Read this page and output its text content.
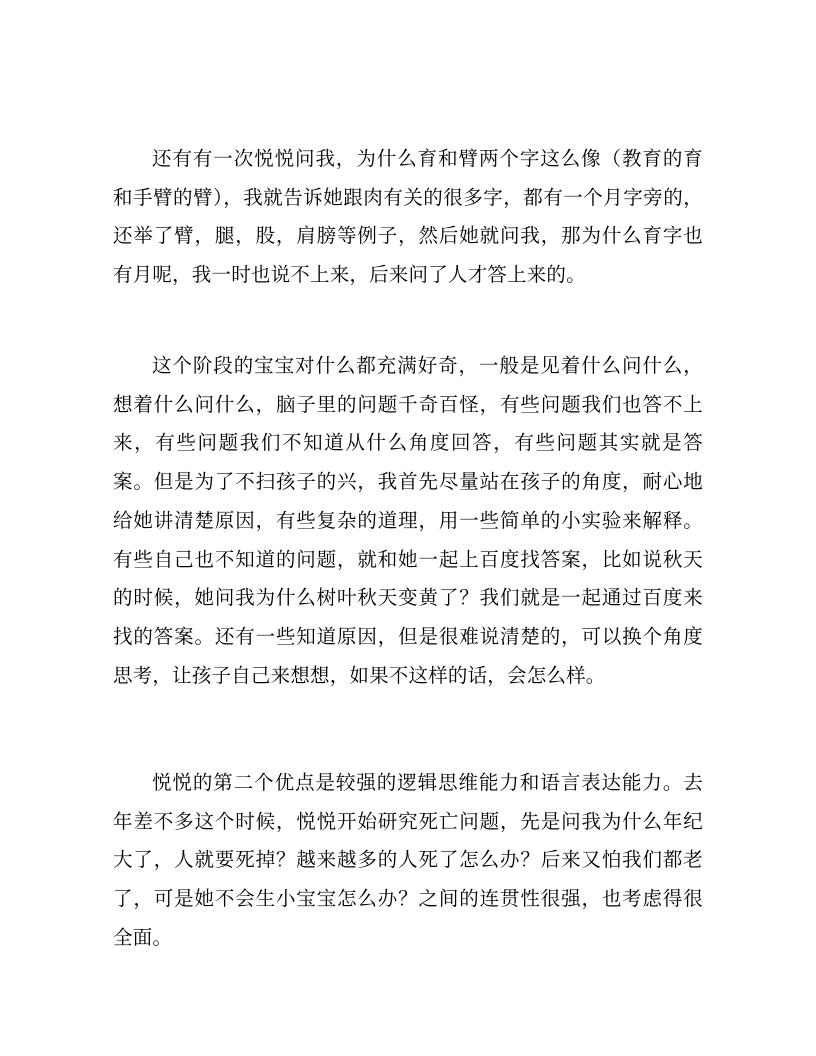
还有有一次悦悦问我，为什么育和臂两个字这么像（教育的育和手臂的臂），我就告诉她跟肉有关的很多字，都有一个月字旁的，还举了臂，腿，股，肩膀等例子，然后她就问我，那为什么育字也有月呢，我一时也说不上来，后来问了人才答上来的。

这个阶段的宝宝对什么都充满好奇，一般是见着什么问什么，想着什么问什么，脑子里的问题千奇百怪，有些问题我们也答不上来，有些问题我们不知道从什么角度回答，有些问题其实就是答案。但是为了不扫孩子的兴，我首先尽量站在孩子的角度，耐心地给她讲清楚原因，有些复杂的道理，用一些简单的小实验来解释。有些自己也不知道的问题，就和她一起上百度找答案，比如说秋天的时候，她问我为什么树叶秋天变黄了？我们就是一起通过百度来找的答案。还有一些知道原因，但是很难说清楚的，可以换个角度思考，让孩子自己来想想，如果不这样的话，会怎么样。

悦悦的第二个优点是较强的逻辑思维能力和语言表达能力。去年差不多这个时候，悦悦开始研究死亡问题，先是问我为什么年纪大了，人就要死掉？越来越多的人死了怎么办？后来又怕我们都老了，可是她不会生小宝宝怎么办？之间的连贯性很强，也考虑得很全面。
